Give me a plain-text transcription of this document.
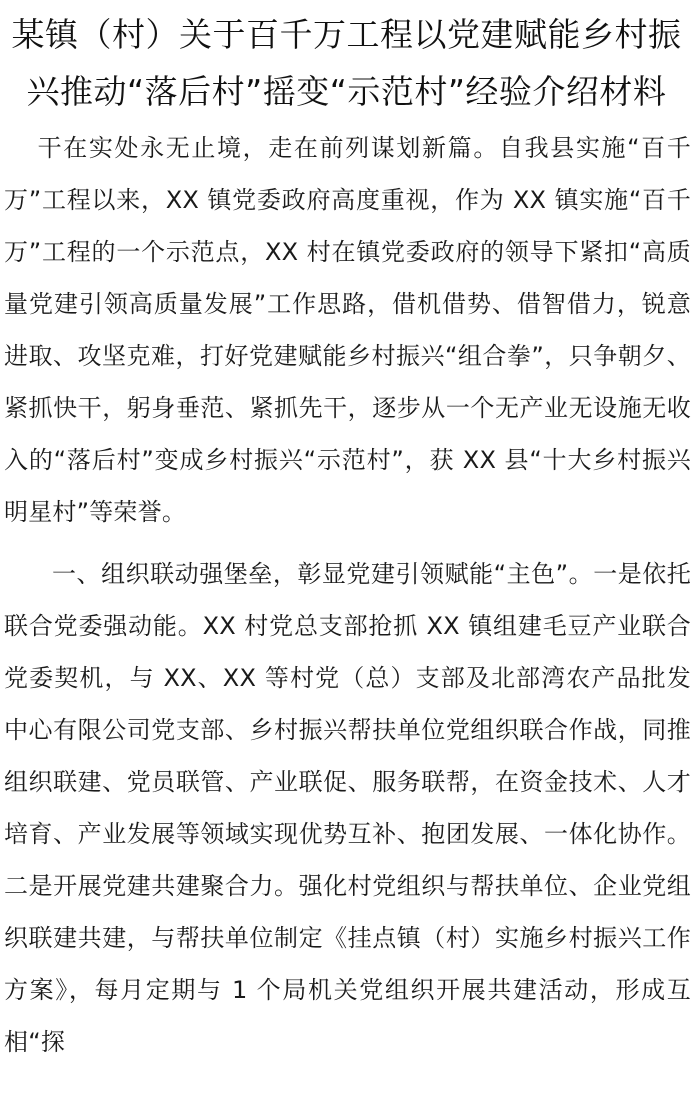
某镇（村）关于百千万工程以党建赋能乡村振兴推动“落后村”摇变“示范村”经验介绍材料

干在实处永无止境，走在前列谋划新篇。自我县实施“百千万”工程以来，XX 镇党委政府高度重视，作为 XX 镇实施“百千万”工程的一个示范点，XX 村在镇党委政府的领导下紧扣“高质量党建引领高质量发展”工作思路，借机借势、借智借力，锐意进取、攻坚克难，打好党建赋能乡村振兴“组合拳”，只争朝夕、紧抓快干，躬身垂范、紧抓先干，逐步从一个无产业无设施无收入的“落后村”变成乡村振兴“示范村”，获 XX 县“十大乡村振兴明星村”等荣誉。

一、组织联动强堡垒，彰显党建引领赋能“主色”。一是依托联合党委强动能。XX 村党总支部抢抓 XX 镇组建毛豆产业联合党委契机，与 XX、XX 等村党（总）支部及北部湾农产品批发中心有限公司党支部、乡村振兴帮扶单位党组织联合作战，同推组织联建、党员联管、产业联促、服务联帮，在资金技术、人才培育、产业发展等领域实现优势互补、抱团发展、一体化协作。二是开展党建共建聚合力。强化村党组织与帮扶单位、企业党组织联建共建，与帮扶单位制定《挂点镇（村）实施乡村振兴工作方案》，每月定期与 1 个局机关党组织开展共建活动，形成互相“探
